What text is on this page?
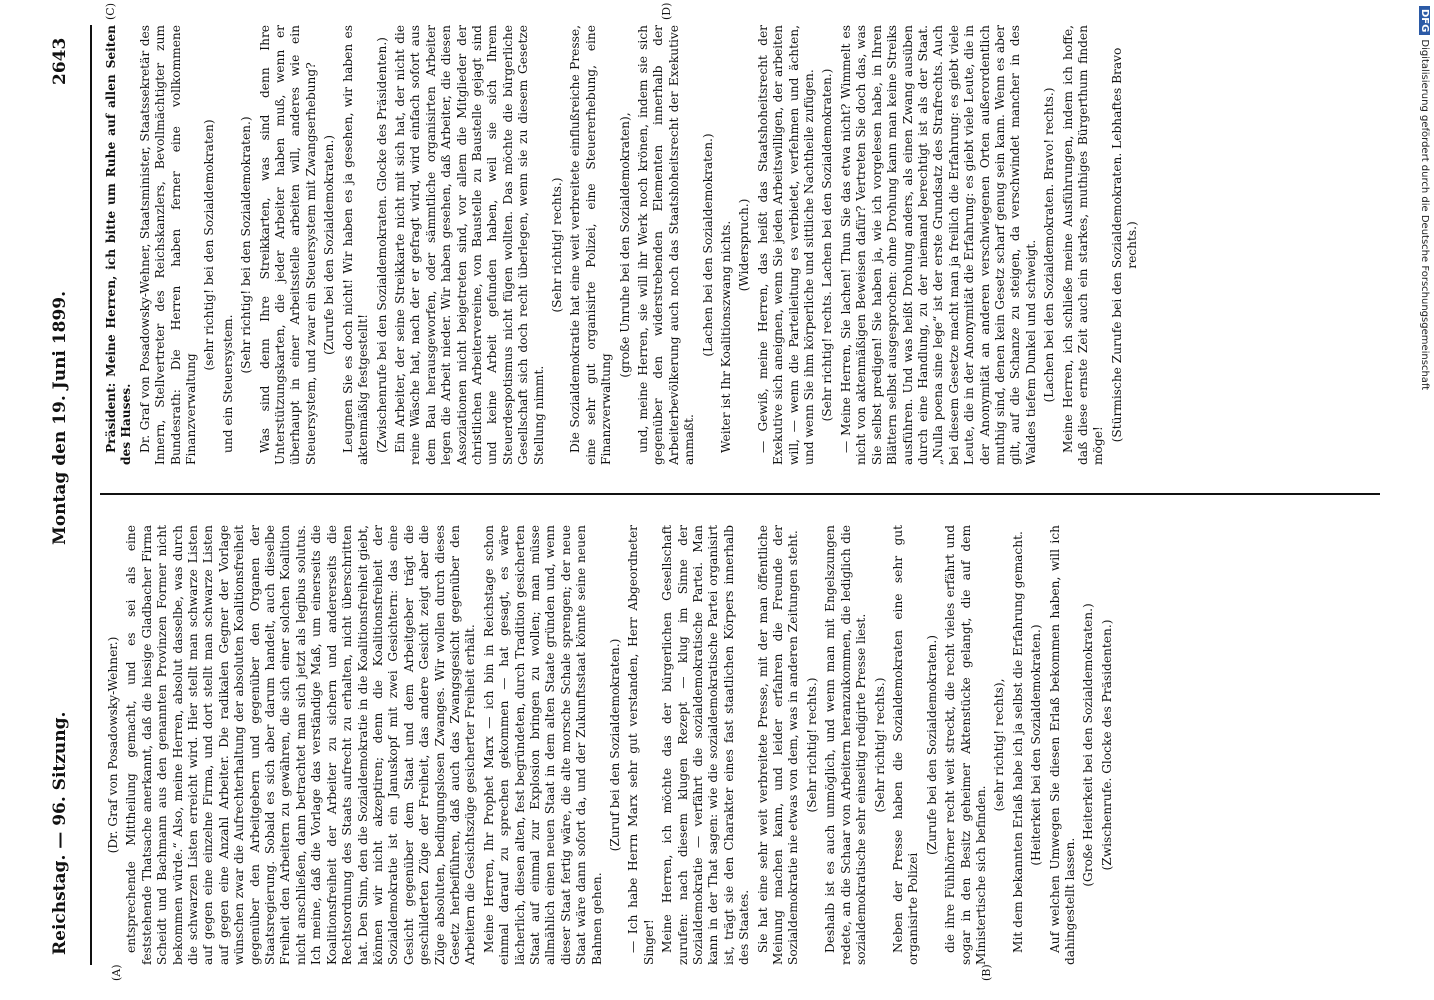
Reichstag. — 96. Sitzung.
Montag den 19. Juni 1899.
2643
(A)	(B)
(C)	(D)

(Dr. Graf von Posadowsky-Wehner.) entsprechende Mittheilung gemacht, und es sei als eine feststehende Thatsache anerkannt, daß die hiesige Gladbacher Firma Scheidt und Bachmann aus den genannten Provinzen Former nicht bekommen würde.“ Also, meine Herren, absolut dasselbe, was durch die schwarzen Listen erreicht wird. Hier stellt man schwarze Listen auf gegen eine einzelne Firma, und dort stellt man schwarze Listen auf gegen eine Anzahl Arbeiter. Die radikalen Gegner der Vorlage wünschen zwar die Aufrechterhaltung der absoluten Koalitionsfreiheit gegenüber den Arbeitgebern und gegenüber den Organen der Staatsregierung. Sobald es sich aber darum handelt, auch dieselbe Freiheit den Arbeitern zu gewähren, die sich einer solchen Koalition nicht anschließen, dann betrachtet man sich jetzt als legibus solutus. Ich meine, daß die Vorlage das verständige Maß, um einerseits die Koalitionsfreiheit der Arbeiter zu sichern und andererseits die Rechtsordnung des Staats aufrecht zu erhalten, nicht überschritten hat. Den Sinn, den die Sozialdemokratie in die Koalitionsfreiheit giebt, können wir nicht akzeptiren; denn die Koalitionsfreiheit der Sozialdemokratie ist ein Januskopf mit zwei Gesichtern: das eine Gesicht gegenüber dem Staat und dem Arbeitgeber trägt die geschilderten Züge der Freiheit, das andere Gesicht zeigt aber die Züge absoluten, bedingungslosen Zwanges. Wir wollen durch dieses Gesetz herbeiführen, daß auch das Zwangsgesicht gegenüber den Arbeitern die Gesichtszüge gesicherter Freiheit erhält. Meine Herren, Ihr Prophet Marx — ich bin in Reichstage schon einmal darauf zu sprechen gekommen — hat gesagt, es wäre lächerlich, diesen alten, fest begründeten, durch Tradition gesicherten Staat auf einmal zur Explosion bringen zu wollen; man müsse allmählich einen neuen Staat in dem alten Staate gründen und, wenn dieser Staat fertig wäre, die alte morsche Schale sprengen; der neue Staat wäre dann sofort da, und der Zukunftsstaat könnte seine neuen Bahnen gehen.

(Zuruf bei den Sozialdemokraten.) — Ich habe Herrn Marx sehr gut verstanden, Herr Abgeordneter Singer! Meine Herren, ich möchte das der bürgerlichen Gesellschaft zurufen: nach diesem klugen Rezept — klug im Sinne der Sozialdemokratie — verfährt die sozialdemokratische Partei. Man kann in der That sagen: wie die sozialdemokratische Partei organisirt ist, trägt sie den Charakter eines fast staatlichen Körpers innerhalb des Staates. Sie hat eine sehr weit verbreitete Presse, mit der man öffentliche Meinung machen kann, und leider erfahren die Freunde der Sozialdemokratie nie etwas von dem, was in anderen Zeitungen steht. (Sehr richtig! rechts.) Deshalb ist es auch unmöglich, und wenn man mit Engelszungen redete, an die Schaar von Arbeitern heranzukommen, die lediglich die sozialdemokratische sehr einseitig redigirte Presse liest. (Sehr richtig! rechts.) Neben der Presse haben die Sozialdemokraten eine sehr gut organisirte Polizei

(Zurufe bei den Sozialdemokraten.) die ihre Fühlhörner recht weit streckt, die recht vieles erfährt und sogar in den Besitz geheimer Aktenstücke gelangt, die auf dem Ministertische sich befinden.

(sehr richtig! rechts), Mit dem bekannten Erlaß habe ich ja selbst die Erfahrung gemacht. (Heiterkeit bei den Sozialdemokraten.) Auf welchen Umwegen Sie diesen Erlaß bekommen haben, will ich dahingestellt lassen.

(Große Heiterkeit bei den Sozialdemokraten.) (Zwischenrufe. Glocke des Präsidenten.)

Präsident: Meine Herren, ich bitte um Ruhe auf allen Seiten des Hauses. Dr. Graf von Posadowsky-Wehner, Staatsminister, Staatssekretär des Innern, Stellvertreter des Reichskanzlers, Bevollmächtigter zum Bundesrath: Die Herren haben ferner eine vollkommene Finanzverwaltung

(sehr richtig! bei den Sozialdemokraten)

und ein Steuersystem.

(Sehr richtig! bei den Sozialdemokraten.) Was sind denn Ihre Streikkarten, was sind denn Ihre Unterstützungskarten, die jeder Arbeiter haben muß, wenn er überhaupt in einer Arbeitsstelle arbeiten will, anderes wie ein Steuersystem, und zwar ein Steuersystem mit Zwangserhebung? (Zurufe bei den Sozialdemokraten.) Leugnen Sie es doch nicht! Wir haben es ja gesehen, wir haben es aktenmäßig festgestellt! (Zwischenrufe bei den Sozialdemokraten. Glocke des Präsidenten.) Ein Arbeiter, der seine Streikkarte nicht mit sich hat, der nicht die reine Wäsche hat, nach der er gefragt wird, wird einfach sofort aus dem Bau herausgeworfen, oder sämmtliche organisirten Arbeiter legen die Arbeit nieder. Wir haben gesehen, daß Arbeiter, die diesen Assoziationen nicht beigetreten sind, vor allem die Mitglieder der christlichen Arbeitervereine, von Baustelle zu Baustelle gejagt sind und keine Arbeit gefunden haben, weil sie sich Ihrem Steuerdespotismus nicht fügen wollten. Das möchte die bürgerliche Gesellschaft sich doch recht überlegen, wenn sie zu diesem Gesetze Stellung nimmt.

(Sehr richtig! rechts.) Die Sozialdemokratie hat eine weit verbreitete einflußreiche Presse, eine sehr gut organisirte Polizei, eine Steuererhebung, eine Finanzverwaltung

(große Unruhe bei den Sozialdemokraten), und, meine Herren, sie will ihr Werk noch krönen, indem sie sich gegenüber den widerstrebenden Elementen innerhalb der Arbeiterbevölkerung auch noch das Staatshoheitsrecht der Exekutive anmaßt.

(Lachen bei den Sozialdemokraten.) Weiter ist Ihr Koalitionszwang nichts. (Widerspruch.) — Gewiß, meine Herren, das heißt das Staatshoheitsrecht der Exekutive sich aneignen, wenn Sie jeden Arbeitswilligen, der arbeiten will, — wenn die Parteileitung es verbietet, verfehmen und ächten, und wenn Sie ihm körperliche und sittliche Nachtheile zufügen. (Sehr richtig! rechts. Lachen bei den Sozialdemokraten.) — Meine Herren, Sie lachen! Thun Sie das etwa nicht? Wimmelt es nicht von aktenmäßigen Beweisen dafür? Vertreten Sie doch das, was Sie selbst predigen! Sie haben ja, wie ich vorgelesen habe, in Ihren Blättern selbst ausgesprochen: ohne Drohung kann man keine Streiks ausführen. Und was heißt Drohung anders, als einen Zwang ausüben durch eine Handlung, zu der niemand berechtigt ist als der Staat. „Nulla poena sine lege“ ist der erste Grundsatz des Strafrechts. Auch bei diesem Gesetze macht man ja freilich die Erfahrung: es giebt viele Leute, die in der Anonymität die Erfahrung: es giebt viele Leute, die in der Anonymität an anderen verschwiegenen Orten außerordentlich muthig sind, denen kein Gesetz scharf genug sein kann. Wenn es aber gilt, auf die Schanze zu steigen, da verschwindet mancher in des Waldes tiefem Dunkel und schweigt. (Lachen bei den Sozialdemokraten. Bravo! rechts.) Meine Herren, ich schließe meine Ausführungen, indem ich hoffe, daß diese ernste Zeit auch ein starkes, muthiges Bürgerthum finden möge!

(Stürmische Zurufe bei den Sozialdemokraten. Lebhaftes Bravo rechts.)

DFGDigitalisierung gefördert durch die Deutsche Forschungsgemeinschaft
